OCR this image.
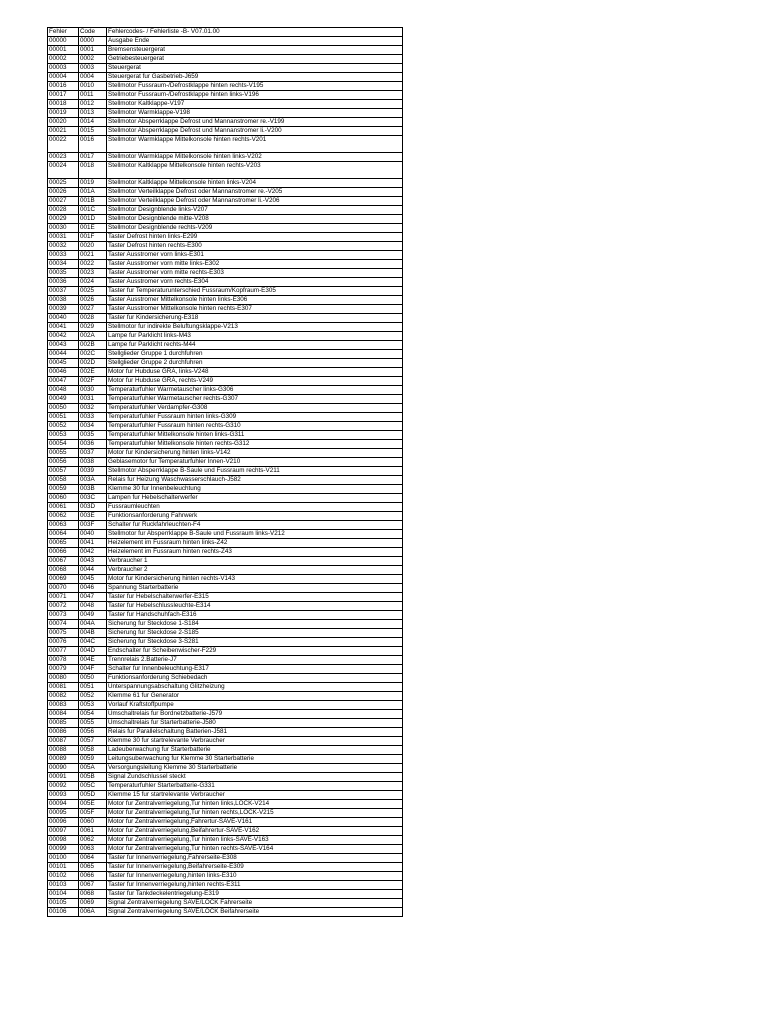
Fehler	Code	Fehlercodes- / Fehlerliste -B- V07.01.00
00000	0000	Ausgabe Ende
00001	0001	Bremsensteuergerat
00002	0002	Getriebesteuergerat
00003	0003	Steuergerat
00004	0004	Steuergerat fur Gasbetrieb-J659
00016	0010	Stellmotor Fussraum-/Defrostklappe hinten rechts-V195
00017	0011	Stellmotor Fussraum-/Defrostklappe hinten links-V196
00018	0012	Stellmotor Kaltklappe-V197
00019	0013	Stellmotor Warmklappe-V198
00020	0014	Stellmotor Absperrklappe Defrost und Mannanstromer re.-V199
00021	0015	Stellmotor Absperrklappe Defrost und Mannanstromer li.-V200
00022	0016	Stellmotor Warmklappe Mittelkonsole hinten rechts-V201
00023	0017	Stellmotor Warmklappe Mittelkonsole hinten links-V202
00024	0018	Stellmotor Kaltklappe Mittelkonsole hinten rechts-V203
00025	0019	Stellmotor Kaltklappe Mittelkonsole hinten links-V204
00026	001A	Stellmotor Verteilklappe Defrost oder Mannanstromer re.-V205
00027	001B	Stellmotor Verteilklappe Defrost oder Mannanstromer li.-V206
00028	001C	Stellmotor Designblende links-V207
00029	001D	Stellmotor Designblende mitte-V208
00030	001E	Stellmotor Designblende rechts-V209
00031	001F	Taster Defrost hinten links-E299
00032	0020	Taster Defrost hinten rechts-E300
00033	0021	Taster Ausstromer vorn links-E301
00034	0022	Taster Ausstromer vorn mitte links-E302
00035	0023	Taster Ausstromer vorn mitte rechts-E303
00036	0024	Taster Ausstromer vorn rechts-E304
00037	0025	Taster fur Temperaturunterschied Fussraum/Kopfraum-E305
00038	0026	Taster Ausstromer Mittelkonsole hinten links-E306
00039	0027	Taster Ausstromer Mittelkonsole hinten rechts-E307
00040	0028	Taster fur Kindersicherung-E318
00041	0029	Stellmotor fur indirekte Beluftungsklappe-V213
00042	002A	Lampe fur Parklicht links-M43
00043	002B	Lampe fur Parklicht rechts-M44
00044	002C	Stellglieder Gruppe 1 durchfuhren
00045	002D	Stellglieder Gruppe 2 durchfuhren
00046	002E	Motor fur Hubduse GRA, links-V248
00047	002F	Motor fur Hubduse GRA, rechts-V249
00048	0030	Temperaturfuhler Warmetauscher links-G306
00049	0031	Temperaturfuhler Warmetauscher rechts-G307
00050	0032	Temperaturfuhler Verdampfer-G308
00051	0033	Temperaturfuhler Fussraum hinten links-G309
00052	0034	Temperaturfuhler Fussraum hinten rechts-G310
00053	0035	Temperaturfuhler Mittelkonsole hinten links-G311
00054	0036	Temperaturfuhler Mittelkonsole hinten rechts-G312
00055	0037	Motor fur Kindersicherung hinten links-V142
00056	0038	Geblasemotor fur Temperaturfuhler Innen-V210
00057	0039	Stellmotor Absperrklappe B-Saule und Fussraum rechts-V211
00058	003A	Relais fur Heizung Waschwasserschlauch-J582
00059	003B	Klemme 30 fur Innenbeleuchtung
00060	003C	Lampen fur Hebelschalterwerfer
00061	003D	Fussraumleuchten
00062	003E	Funktionsanforderung Fahrwerk
00063	003F	Schalter fur Ruckfahrleuchten-F4
00064	0040	Stellmotor fur Absperrklappe B-Saule und Fussraum links-V212
00065	0041	Heizelement im Fussraum hinten links-Z42
00066	0042	Heizelement im Fussraum hinten rechts-Z43
00067	0043	Verbraucher 1
00068	0044	Verbraucher 2
00069	0045	Motor fur Kindersicherung hinten rechts-V143
00070	0046	Spannung Starterbatterie
00071	0047	Taster fur Hebelschalterwerfer-E315
00072	0048	Taster fur Hebelschlussleuchte-E314
00073	0049	Taster fur Handschuhfach-E316
00074	004A	Sicherung fur Steckdose 1-S184
00075	004B	Sicherung fur Steckdose 2-S185
00076	004C	Sicherung fur Steckdose 3-S281
00077	004D	Endschalter fur Scheibenwischer-F229
00078	004E	Trennrelais 2.Batterie-J7
00079	004F	Schalter fur Innenbeleuchtung-E317
00080	0050	Funktionsanforderung Schiebedach
00081	0051	Unterspannungsabschaltung Glitzheizung
00082	0052	Klemme 61 fur Generator
00083	0053	Vorlauf Kraftstoffpumpe
00084	0054	Umschaltrelais fur Bordnetzbatterie-J579
00085	0055	Umschaltrelais fur Starterbatterie-J580
00086	0056	Relais fur Parallelschaltung Batterien-J581
00087	0057	Klemme 30 fur startrelevante Verbraucher
00088	0058	Ladeuberwachung fur Starterbatterie
00089	0059	Leitungsuberwachung fur Klemme 30 Starterbatterie
00090	005A	Versorgungsleitung Klemme 30 Starterbatterie
00091	005B	Signal Zundschlussel steckt
00092	005C	Temperaturfuhler Starterbatterie-G331
00093	005D	Klemme 15 fur startrelevante Verbraucher
00094	005E	Motor fur Zentralverriegelung,Tur hinten links,LOCK-V214
00095	005F	Motor fur Zentralverriegelung,Tur hinten rechts,LOCK-V215
00096	0060	Motor fur Zentralverriegelung,Fahrertur-SAVE-V161
00097	0061	Motor fur Zentralverriegelung,Beifahrertur-SAVE-V162
00098	0062	Motor fur Zentralverriegelung,Tur hinten links-SAVE-V163
00099	0063	Motor fur Zentralverriegelung,Tur hinten rechts-SAVE-V164
00100	0064	Taster fur Innenverriegelung,Fahrerseite-E308
00101	0065	Taster fur Innenverriegelung,Beifahrerseite-E309
00102	0066	Taster fur Innenverriegelung,hinten links-E310
00103	0067	Taster fur Innenverriegelung,hinten rechts-E311
00104	0068	Taster fur Tankdeckelentriegelung-E319
00105	0069	Signal Zentralverriegelung SAVE/LOCK Fahrerseite
00106	006A	Signal Zentralverriegelung SAVE/LOCK Beifahrerseite
